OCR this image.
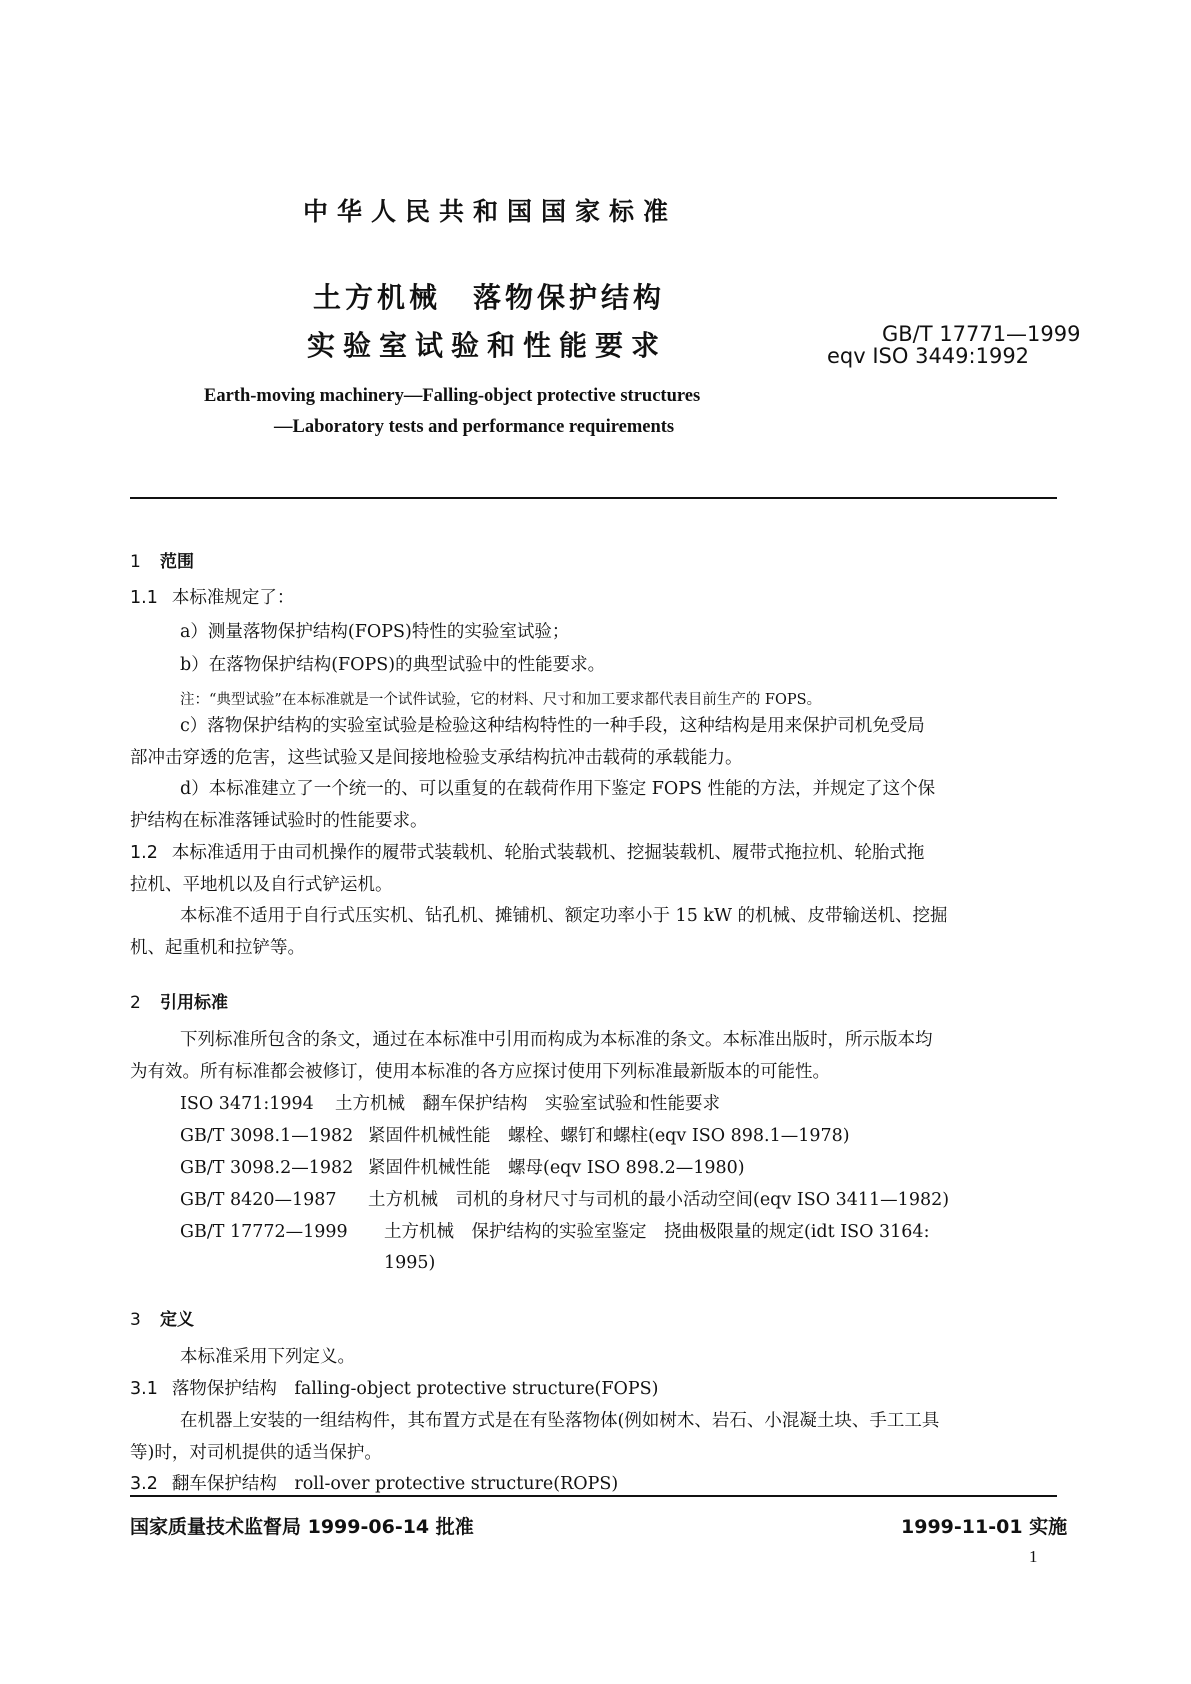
中华人民共和国国家标准
土方机械　落物保护结构
实验室试验和性能要求	GB/T 17771—1999
eqv ISO 3449:1992
Earth-moving machinery—Falling-object protective structures
—Laboratory tests and performance requirements
1 范围
1.1 本标准规定了：
a）测量落物保护结构(FOPS)特性的实验室试验；
b）在落物保护结构(FOPS)的典型试验中的性能要求。
注：“典型试验”在本标准就是一个试件试验，它的材料、尺寸和加工要求都代表目前生产的 FOPS。
c）落物保护结构的实验室试验是检验这种结构特性的一种手段，这种结构是用来保护司机免受局
部冲击穿透的危害，这些试验又是间接地检验支承结构抗冲击载荷的承载能力。
d）本标准建立了一个统一的、可以重复的在载荷作用下鉴定 FOPS 性能的方法，并规定了这个保
护结构在标准落锤试验时的性能要求。
1.2 本标准适用于由司机操作的履带式装载机、轮胎式装载机、挖掘装载机、履带式拖拉机、轮胎式拖
拉机、平地机以及自行式铲运机。
本标准不适用于自行式压实机、钻孔机、摊铺机、额定功率小于 15 kW 的机械、皮带输送机、挖掘
机、起重机和拉铲等。
2 引用标准
下列标准所包含的条文，通过在本标准中引用而构成为本标准的条文。本标准出版时，所示版本均
为有效。所有标准都会被修订，使用本标准的各方应探讨使用下列标准最新版本的可能性。
ISO 3471:1994 土方机械　翻车保护结构　实验室试验和性能要求
GB/T 3098.1—1982 紧固件机械性能　螺栓、螺钉和螺柱(eqv ISO 898.1—1978)
GB/T 3098.2—1982 紧固件机械性能　螺母(eqv ISO 898.2—1980)
GB/T 8420—1987 土方机械　司机的身材尺寸与司机的最小活动空间(eqv ISO 3411—1982)
GB/T 17772—1999 土方机械　保护结构的实验室鉴定　挠曲极限量的规定(idt ISO 3164:
1995)
3 定义
本标准采用下列定义。
3.1 落物保护结构　falling-object protective structure(FOPS)
在机器上安装的一组结构件，其布置方式是在有坠落物体(例如树木、岩石、小混凝土块、手工工具
等)时，对司机提供的适当保护。
3.2 翻车保护结构　roll-over protective structure(ROPS)
国家质量技术监督局 1999-06-14 批准	1999-11-01 实施
1
